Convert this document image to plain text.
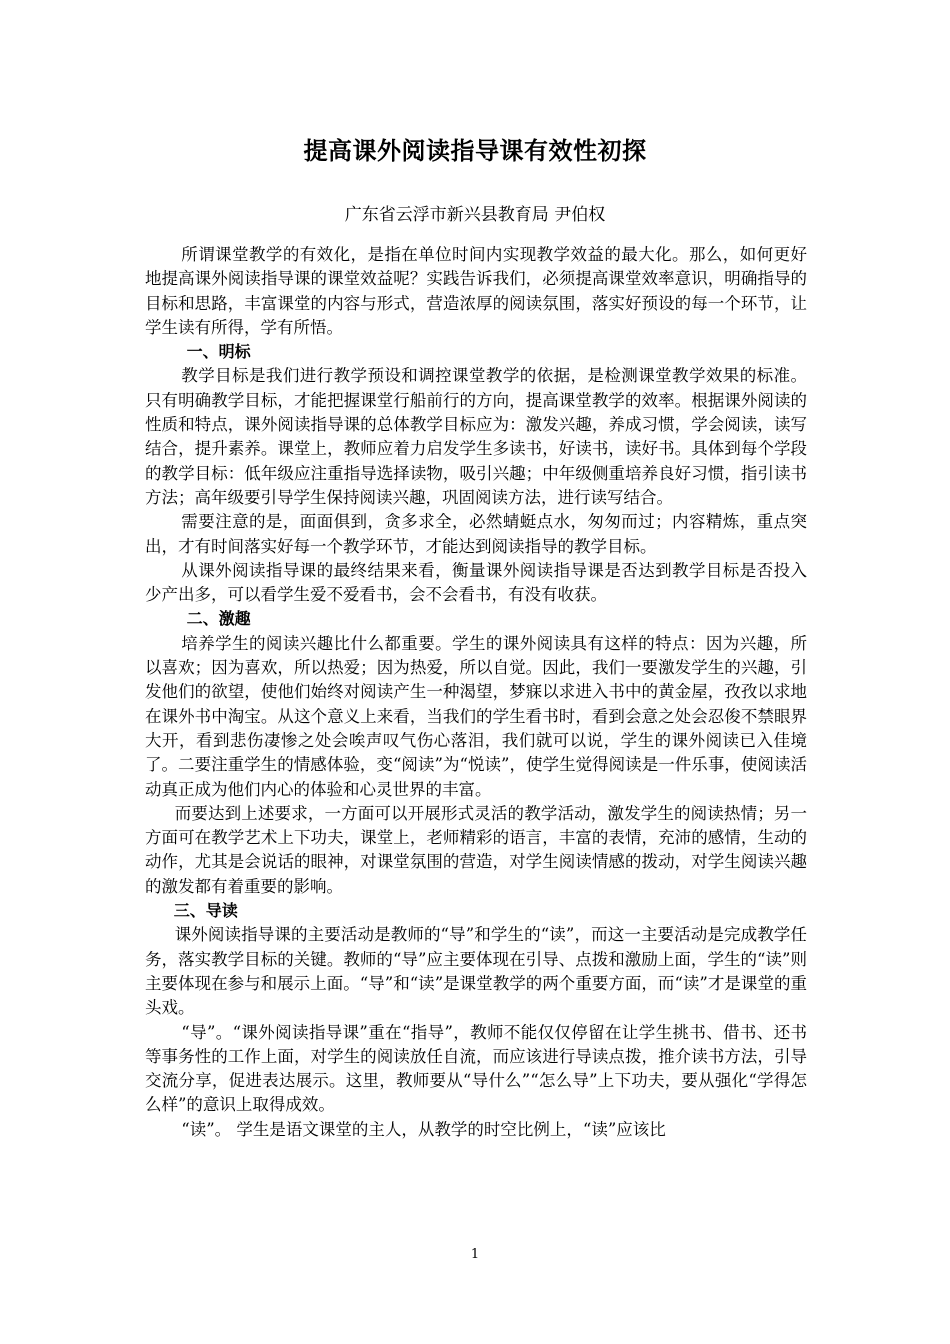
提高课外阅读指导课有效性初探
广东省云浮市新兴县教育局 尹伯权

所谓课堂教学的有效化，是指在单位时间内实现教学效益的最大化。那么，如何更好地提高课外阅读指导课的课堂效益呢？实践告诉我们，必须提高课堂效率意识，明确指导的目标和思路，丰富课堂的内容与形式，营造浓厚的阅读氛围，落实好预设的每一个环节，让学生读有所得，学有所悟。

一、明标

教学目标是我们进行教学预设和调控课堂教学的依据，是检测课堂教学效果的标准。只有明确教学目标，才能把握课堂行船前行的方向，提高课堂教学的效率。根据课外阅读的性质和特点，课外阅读指导课的总体教学目标应为：激发兴趣，养成习惯，学会阅读，读写结合，提升素养。课堂上，教师应着力启发学生多读书，好读书，读好书。具体到每个学段的教学目标：低年级应注重指导选择读物，吸引兴趣；中年级侧重培养良好习惯，指引读书方法；高年级要引导学生保持阅读兴趣，巩固阅读方法，进行读写结合。

需要注意的是，面面俱到，贪多求全，必然蜻蜓点水，匆匆而过；内容精炼，重点突出，才有时间落实好每一个教学环节，才能达到阅读指导的教学目标。

从课外阅读指导课的最终结果来看，衡量课外阅读指导课是否达到教学目标是否投入少产出多，可以看学生爱不爱看书，会不会看书，有没有收获。

二、激趣

培养学生的阅读兴趣比什么都重要。学生的课外阅读具有这样的特点：因为兴趣，所以喜欢；因为喜欢，所以热爱；因为热爱，所以自觉。因此，我们一要激发学生的兴趣，引发他们的欲望，使他们始终对阅读产生一种渴望，梦寐以求进入书中的黄金屋，孜孜以求地在课外书中淘宝。从这个意义上来看，当我们的学生看书时，看到会意之处会忍俊不禁眼界大开，看到悲伤凄惨之处会唉声叹气伤心落泪，我们就可以说，学生的课外阅读已入佳境了。二要注重学生的情感体验，变“阅读”为“悦读”，使学生觉得阅读是一件乐事，使阅读活动真正成为他们内心的体验和心灵世界的丰富。

而要达到上述要求，一方面可以开展形式灵活的教学活动，激发学生的阅读热情；另一方面可在教学艺术上下功夫，课堂上，老师精彩的语言，丰富的表情，充沛的感情，生动的动作，尤其是会说话的眼神，对课堂氛围的营造，对学生阅读情感的拨动，对学生阅读兴趣的激发都有着重要的影响。

三、导读

课外阅读指导课的主要活动是教师的“导”和学生的“读”，而这一主要活动是完成教学任务，落实教学目标的关键。教师的“导”应主要体现在引导、点拨和激励上面，学生的“读”则主要体现在参与和展示上面。“导”和“读”是课堂教学的两个重要方面，而“读”才是课堂的重头戏。

“导”。“课外阅读指导课”重在“指导”，教师不能仅仅停留在让学生挑书、借书、还书等事务性的工作上面，对学生的阅读放任自流，而应该进行导读点拨，推介读书方法，引导交流分享，促进表达展示。这里，教师要从“导什么”“怎么导”上下功夫，要从强化“学得怎么样”的意识上取得成效。

“读”。 学生是语文课堂的主人，从教学的时空比例上，“读”应该比

1
